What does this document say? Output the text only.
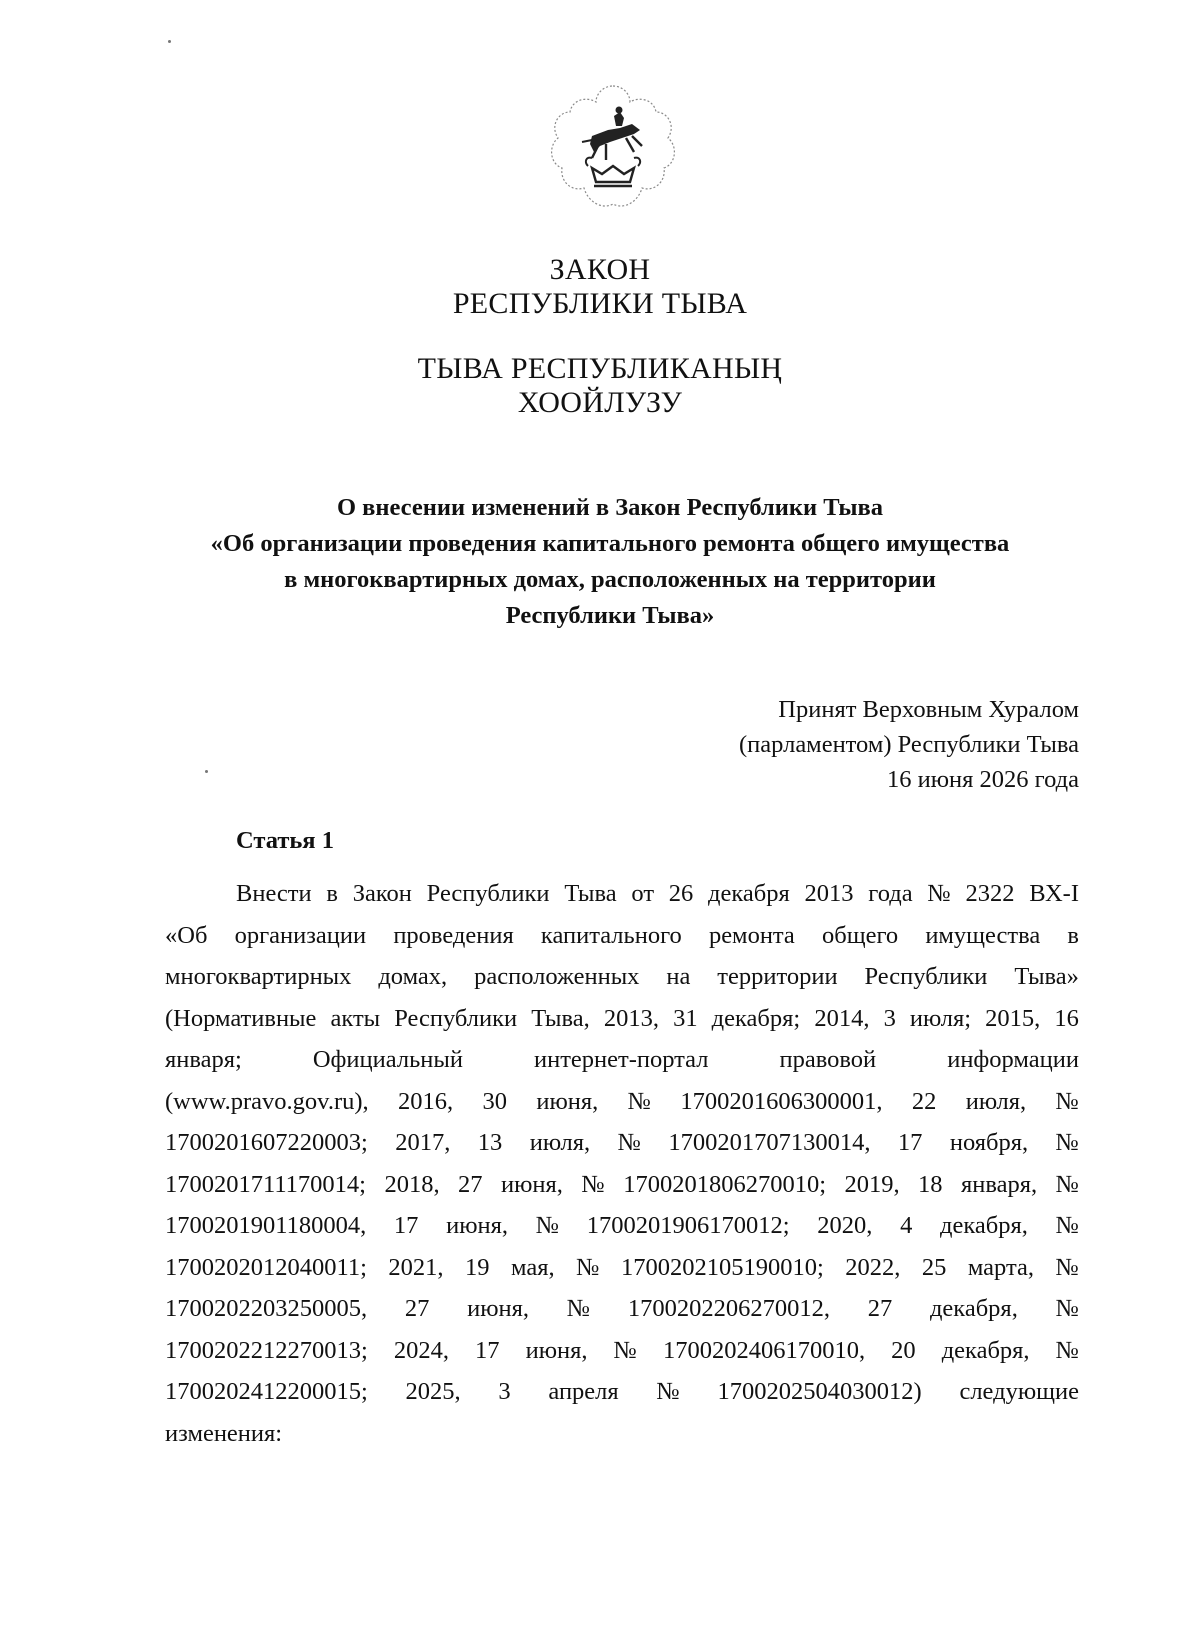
ЗАКОН
РЕСПУБЛИКИ ТЫВА
ТЫВА РЕСПУБЛИКАНЫҢ
ХООЙЛУЗУ
О внесении изменений в Закон Республики Тыва
«Об организации проведения капитального ремонта общего имущества
в многоквартирных домах, расположенных на территории
Республики Тыва»
Принят Верховным Хуралом
(парламентом) Республики Тыва
16 июня 2026 года
Статья 1
Внести в Закон Республики Тыва от 26 декабря 2013 года № 2322 ВХ-I
«Об организации проведения капитального ремонта общего имущества в
многоквартирных домах, расположенных на территории Республики Тыва»
(Нормативные акты Республики Тыва, 2013, 31 декабря; 2014, 3 июля; 2015, 16
января;	Официальный	интернет-портал	правовой	информации
(www.pravo.gov.ru), 2016, 30 июня, № 1700201606300001, 22 июля, №
1700201607220003; 2017, 13 июля, № 1700201707130014, 17 ноября, №
1700201711170014; 2018, 27 июня, № 1700201806270010; 2019, 18 января, №
1700201901180004, 17 июня, № 1700201906170012; 2020, 4 декабря, №
1700202012040011; 2021, 19 мая, № 1700202105190010; 2022, 25 марта, №
1700202203250005, 27 июня, № 1700202206270012, 27 декабря, №
1700202212270013; 2024, 17 июня, № 1700202406170010, 20 декабря, №
1700202412200015; 2025, 3 апреля № 1700202504030012) следующие
изменения:
